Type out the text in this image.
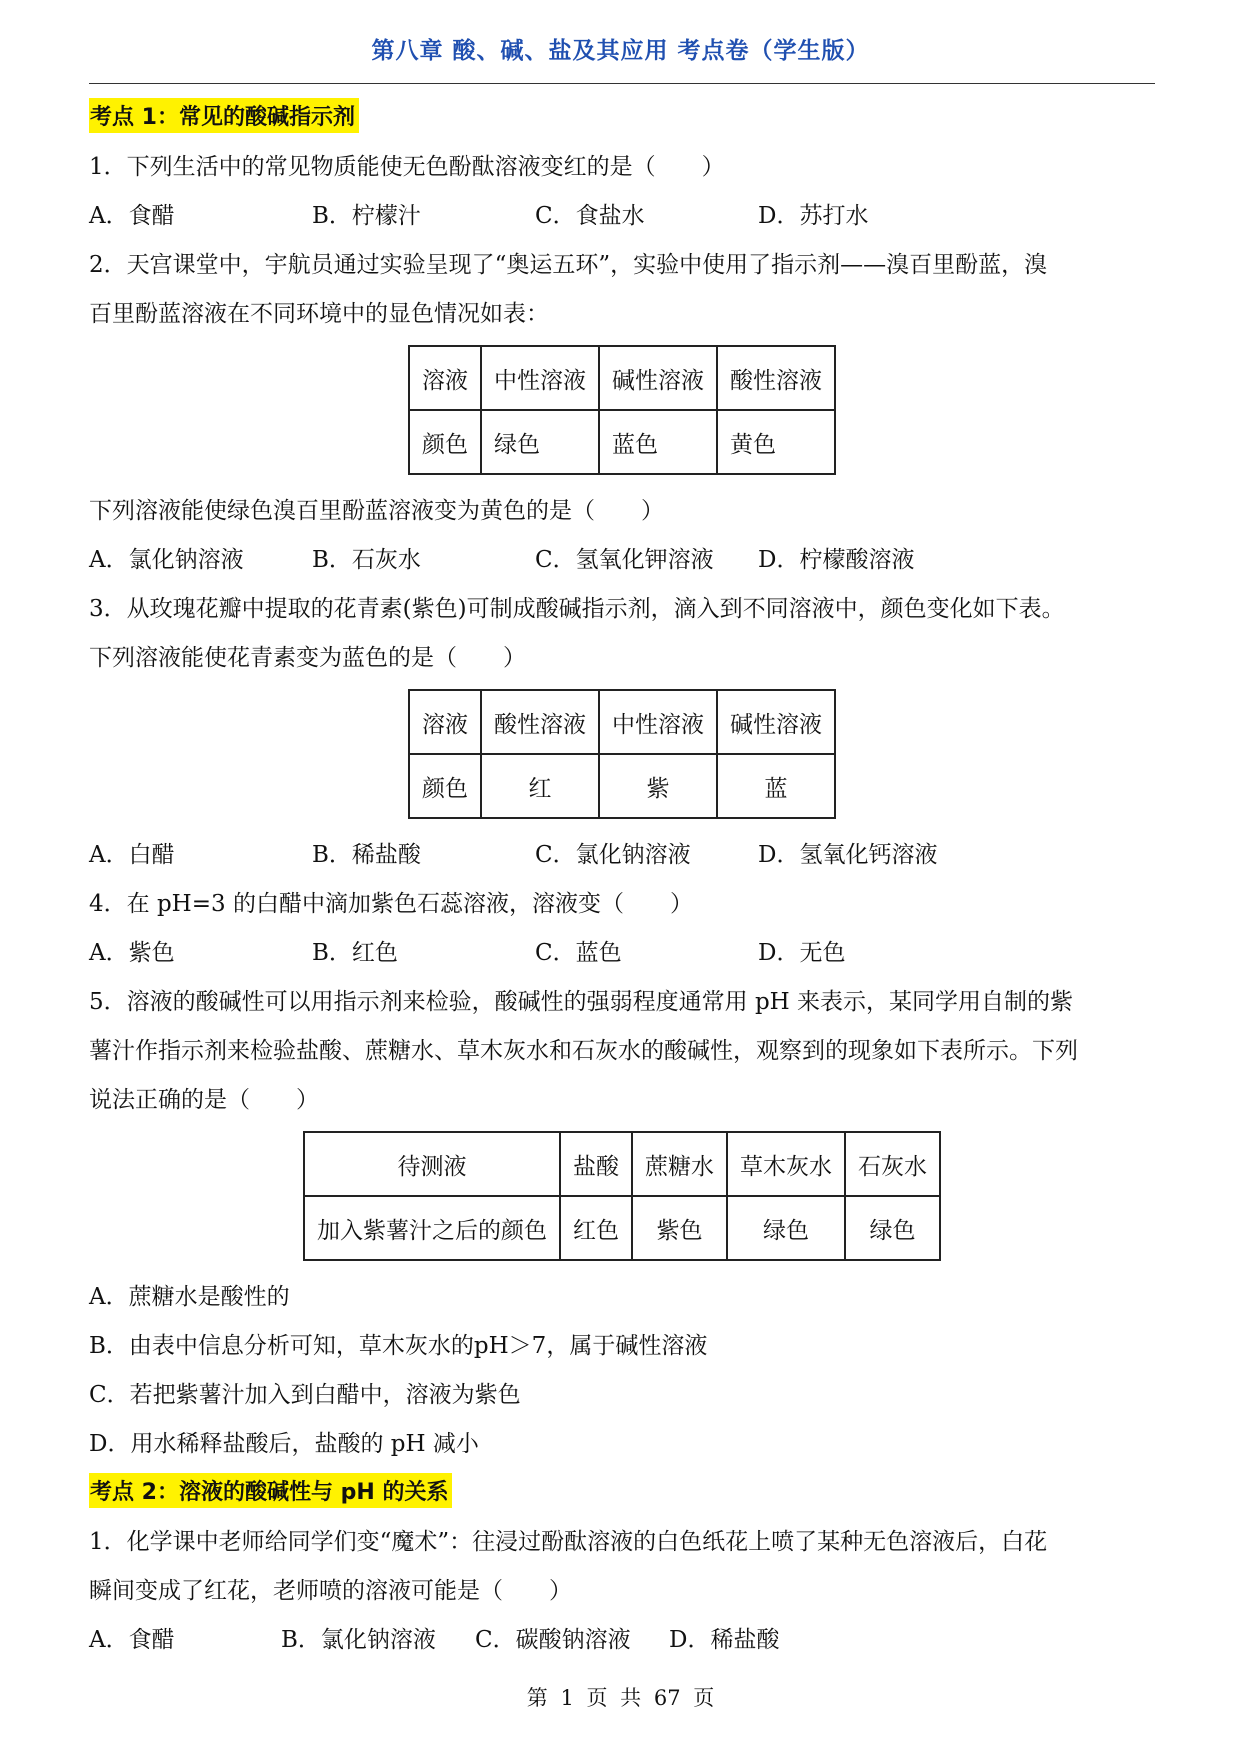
第八章 酸、碱、盐及其应用 考点卷（学生版）
考点 1：常见的酸碱指示剂
1．下列生活中的常见物质能使无色酚酞溶液变红的是（　　）
A．食醋	B．柠檬汁	C．食盐水	D．苏打水
2．天宫课堂中，宇航员通过实验呈现了“奥运五环”，实验中使用了指示剂——溴百里酚蓝，溴
百里酚蓝溶液在不同环境中的显色情况如表：
溶液	中性溶液	碱性溶液	酸性溶液
颜色	绿色	蓝色	黄色
下列溶液能使绿色溴百里酚蓝溶液变为黄色的是（　　）
A．氯化钠溶液	B．石灰水	C．氢氧化钾溶液 D．柠檬酸溶液
3．从玫瑰花瓣中提取的花青素(紫色)可制成酸碱指示剂，滴入到不同溶液中，颜色变化如下表。
下列溶液能使花青素变为蓝色的是（　　）
溶液	酸性溶液	中性溶液	碱性溶液
颜色	红	紫	蓝
A．白醋	B．稀盐酸	C．氯化钠溶液	D．氢氧化钙溶液
4．在 pH=3 的白醋中滴加紫色石蕊溶液，溶液变（　　）
A．紫色	B．红色	C．蓝色	D．无色
5．溶液的酸碱性可以用指示剂来检验，酸碱性的强弱程度通常用 pH 来表示，某同学用自制的紫
薯汁作指示剂来检验盐酸、蔗糖水、草木灰水和石灰水的酸碱性，观察到的现象如下表所示。下列
说法正确的是（　　）
待测液	盐酸	蔗糖水	草木灰水	石灰水
加入紫薯汁之后的颜色	红色	紫色	绿色	绿色
A．蔗糖水是酸性的
B．由表中信息分析可知，草木灰水的pH＞7，属于碱性溶液
C．若把紫薯汁加入到白醋中，溶液为紫色
D．用水稀释盐酸后，盐酸的 pH 减小
考点 2：溶液的酸碱性与 pH 的关系
1．化学课中老师给同学们变“魔术”：往浸过酚酞溶液的白色纸花上喷了某种无色溶液后，白花
瞬间变成了红花，老师喷的溶液可能是（　　）
A．食醋	B．氯化钠溶液 C．碳酸钠溶液 D．稀盐酸
第 1 页 共 67 页
